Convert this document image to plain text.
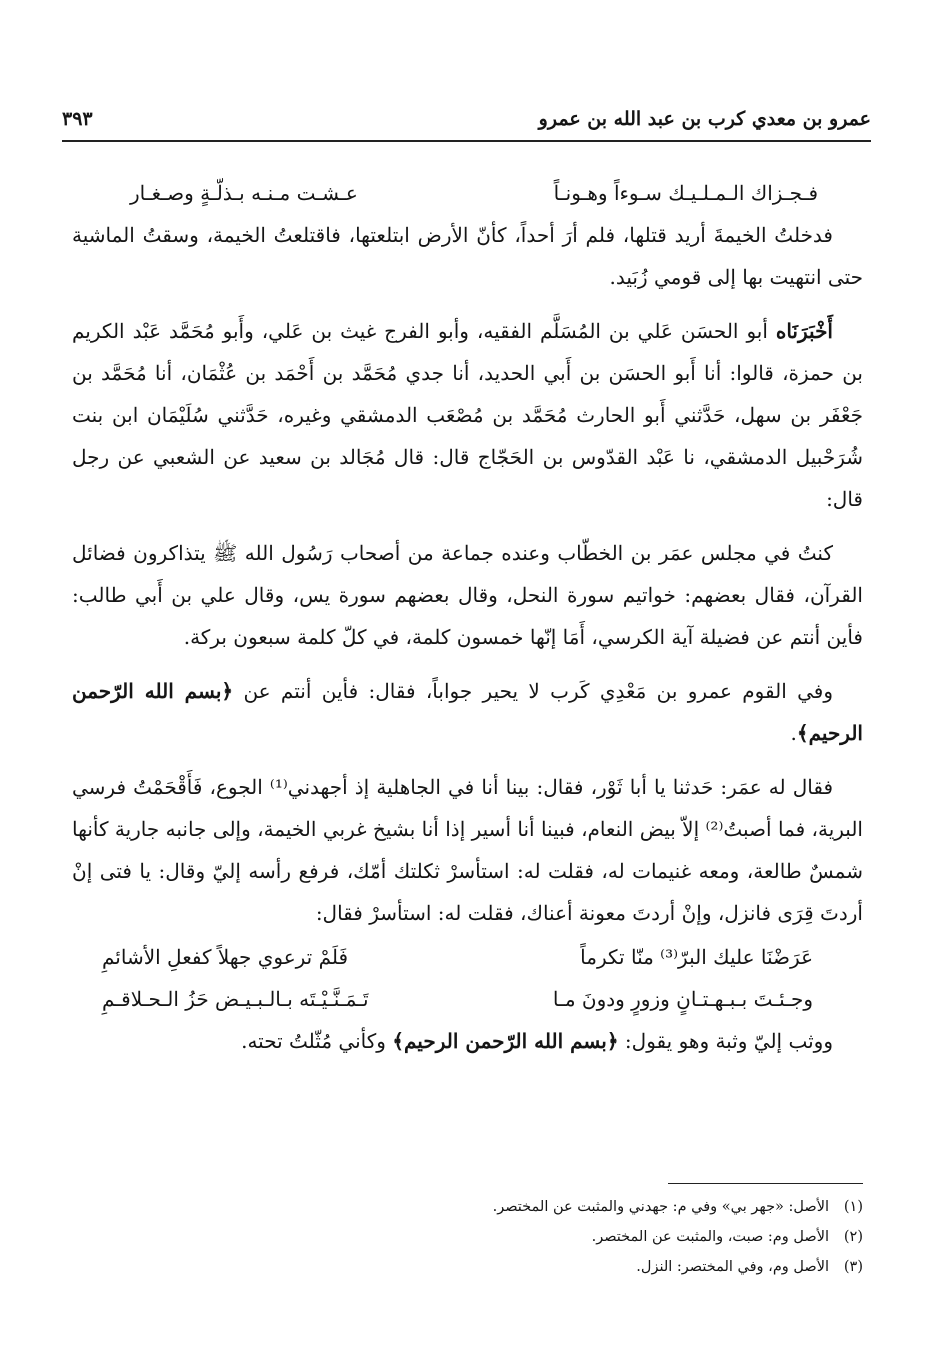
عمرو بن معدي كرب بن عبد الله بن عمرو
٣٩٣
فـجـزاك الـمـلـيـك سـوءاً وهـونـاً
عـشـت مـنـه بـذلّـةٍ وصـغـار

فدخلتُ الخيمةَ أريد قتلها، فلم أرَ أحداً، كأنّ الأرض ابتلعتها، فاقتلعتُ الخيمة، وسقتُ الماشية حتى انتهيت بها إلى قومي زُبَيد.

أَخْبَرَنَاه أبو الحسَن عَلي بن المُسَلَّم الفقيه، وأبو الفرج غيث بن عَلي، وأَبو مُحَمَّد عَبْد الكريم بن حمزة، قالوا: أنا أَبو الحسَن بن أَبي الحديد، أنا جدي مُحَمَّد بن أَحْمَد بن عُثْمَان، أنا مُحَمَّد بن جَعْفَر بن سهل، حَدَّثني أَبو الحارث مُحَمَّد بن مُصْعَب الدمشقي وغيره، حَدَّثني سُلَيْمَان ابن بنت شُرَحْبيل الدمشقي، نا عَبْد القدّوس بن الحَجّاج قال: قال مُجَالد بن سعيد عن الشعبي عن رجل قال:

كنتُ في مجلس عمَر بن الخطّاب وعنده جماعة من أصحاب رَسُول الله ﷺ يتذاكرون فضائل القرآن، فقال بعضهم: خواتيم سورة النحل، وقال بعضهم سورة يس، وقال علي بن أَبي طالب: فأين أنتم عن فضيلة آية الكرسي، أَمَا إنّها خمسون كلمة، في كلّ كلمة سبعون بركة.

وفي القوم عمرو بن مَعْدِي كَرب لا يحير جواباً، فقال: فأين أنتم عن ﴿بسم الله الرّحمن الرحيم﴾.

فقال له عمَر: حَدثنا يا أبا ثَوْر، فقال: بينا أنا في الجاهلية إذ أجهدني⁽¹⁾ الجوع، فَأَقْحَمْتُ فرسي البرية، فما أصبتُ⁽²⁾ إلاّ بيض النعام، فبينا أنا أسير إذا أنا بشيخ غربي الخيمة، وإلى جانبه جارية كأنها شمسٌ طالعة، ومعه غنيمات له، فقلت له: استأسرْ ثكلتك أمّك، فرفع رأسه إليّ وقال: يا فتى إنْ أردتَ قِرَى فانزل، وإنْ أردتَ معونة أعناك، فقلت له: استأسرْ فقال:

عَرَضْنَا عليك البرّ⁽³⁾ منّا تكرماً
فَلَمْ ترعوي جهلاً كفعلِ الأشائمِ
وجـئـتَ بـبـهـتـانٍ وزورٍ ودونَ مـا
تَـمَـنَّـيْـتَه بـالـبـيـض حَزُ الـحـلاقـمِ

ووثب إليّ وثبة وهو يقول: ﴿بسم الله الرّحمن الرحيم﴾ وكأني مُثّلتُ تحته.

(١)الأصل: «جهر بي» وفي م: جهدني والمثبت عن المختصر.
(٢)الأصل وم: صبت، والمثبت عن المختصر.
(٣)الأصل وم، وفي المختصر: النزل.
